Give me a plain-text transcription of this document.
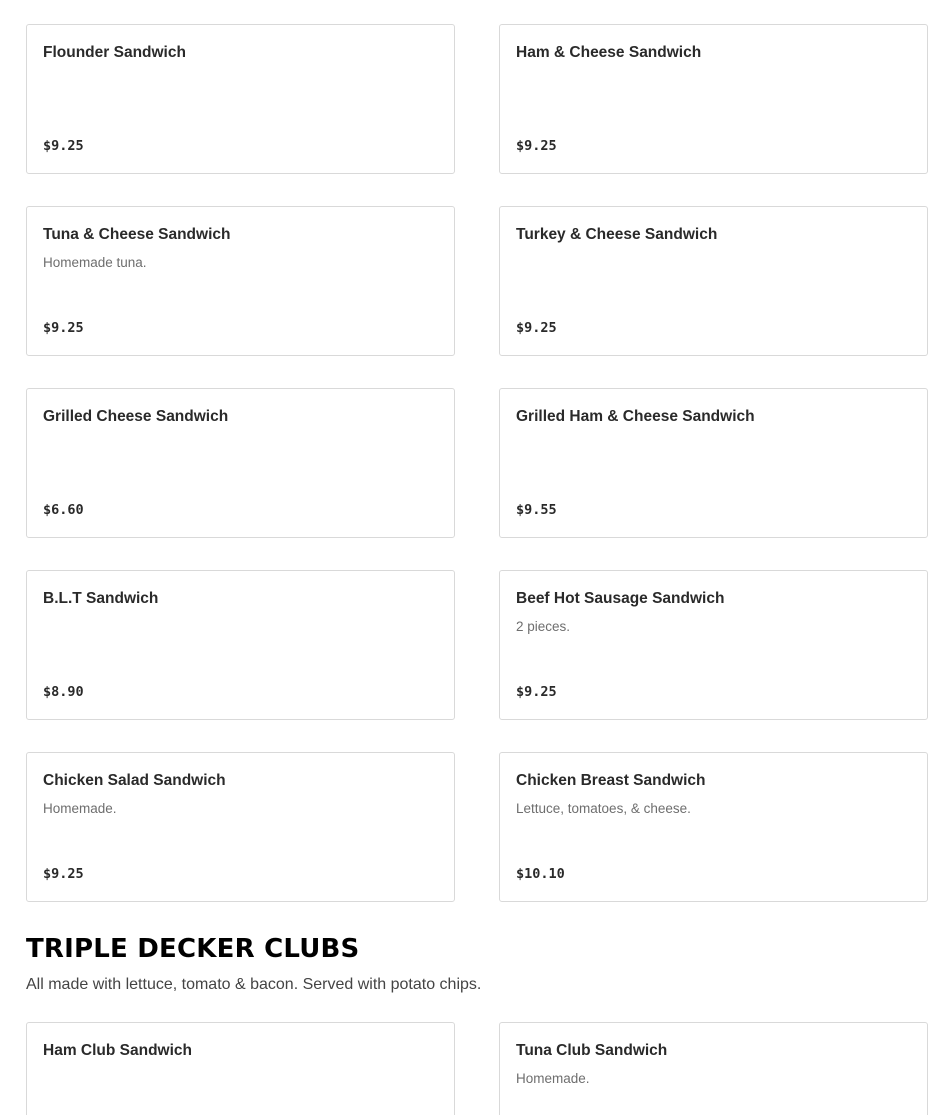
Flounder Sandwich
$9.25
Ham & Cheese Sandwich
$9.25
Tuna & Cheese Sandwich
Homemade tuna.
$9.25
Turkey & Cheese Sandwich
$9.25
Grilled Cheese Sandwich
$6.60
Grilled Ham & Cheese Sandwich
$9.55
B.L.T Sandwich
$8.90
Beef Hot Sausage Sandwich
2 pieces.
$9.25
Chicken Salad Sandwich
Homemade.
$9.25
Chicken Breast Sandwich
Lettuce, tomatoes, & cheese.
$10.10
TRIPLE DECKER CLUBS

All made with lettuce, tomato & bacon. Served with potato chips.

Ham Club Sandwich	Tuna Club Sandwich
Homemade.
